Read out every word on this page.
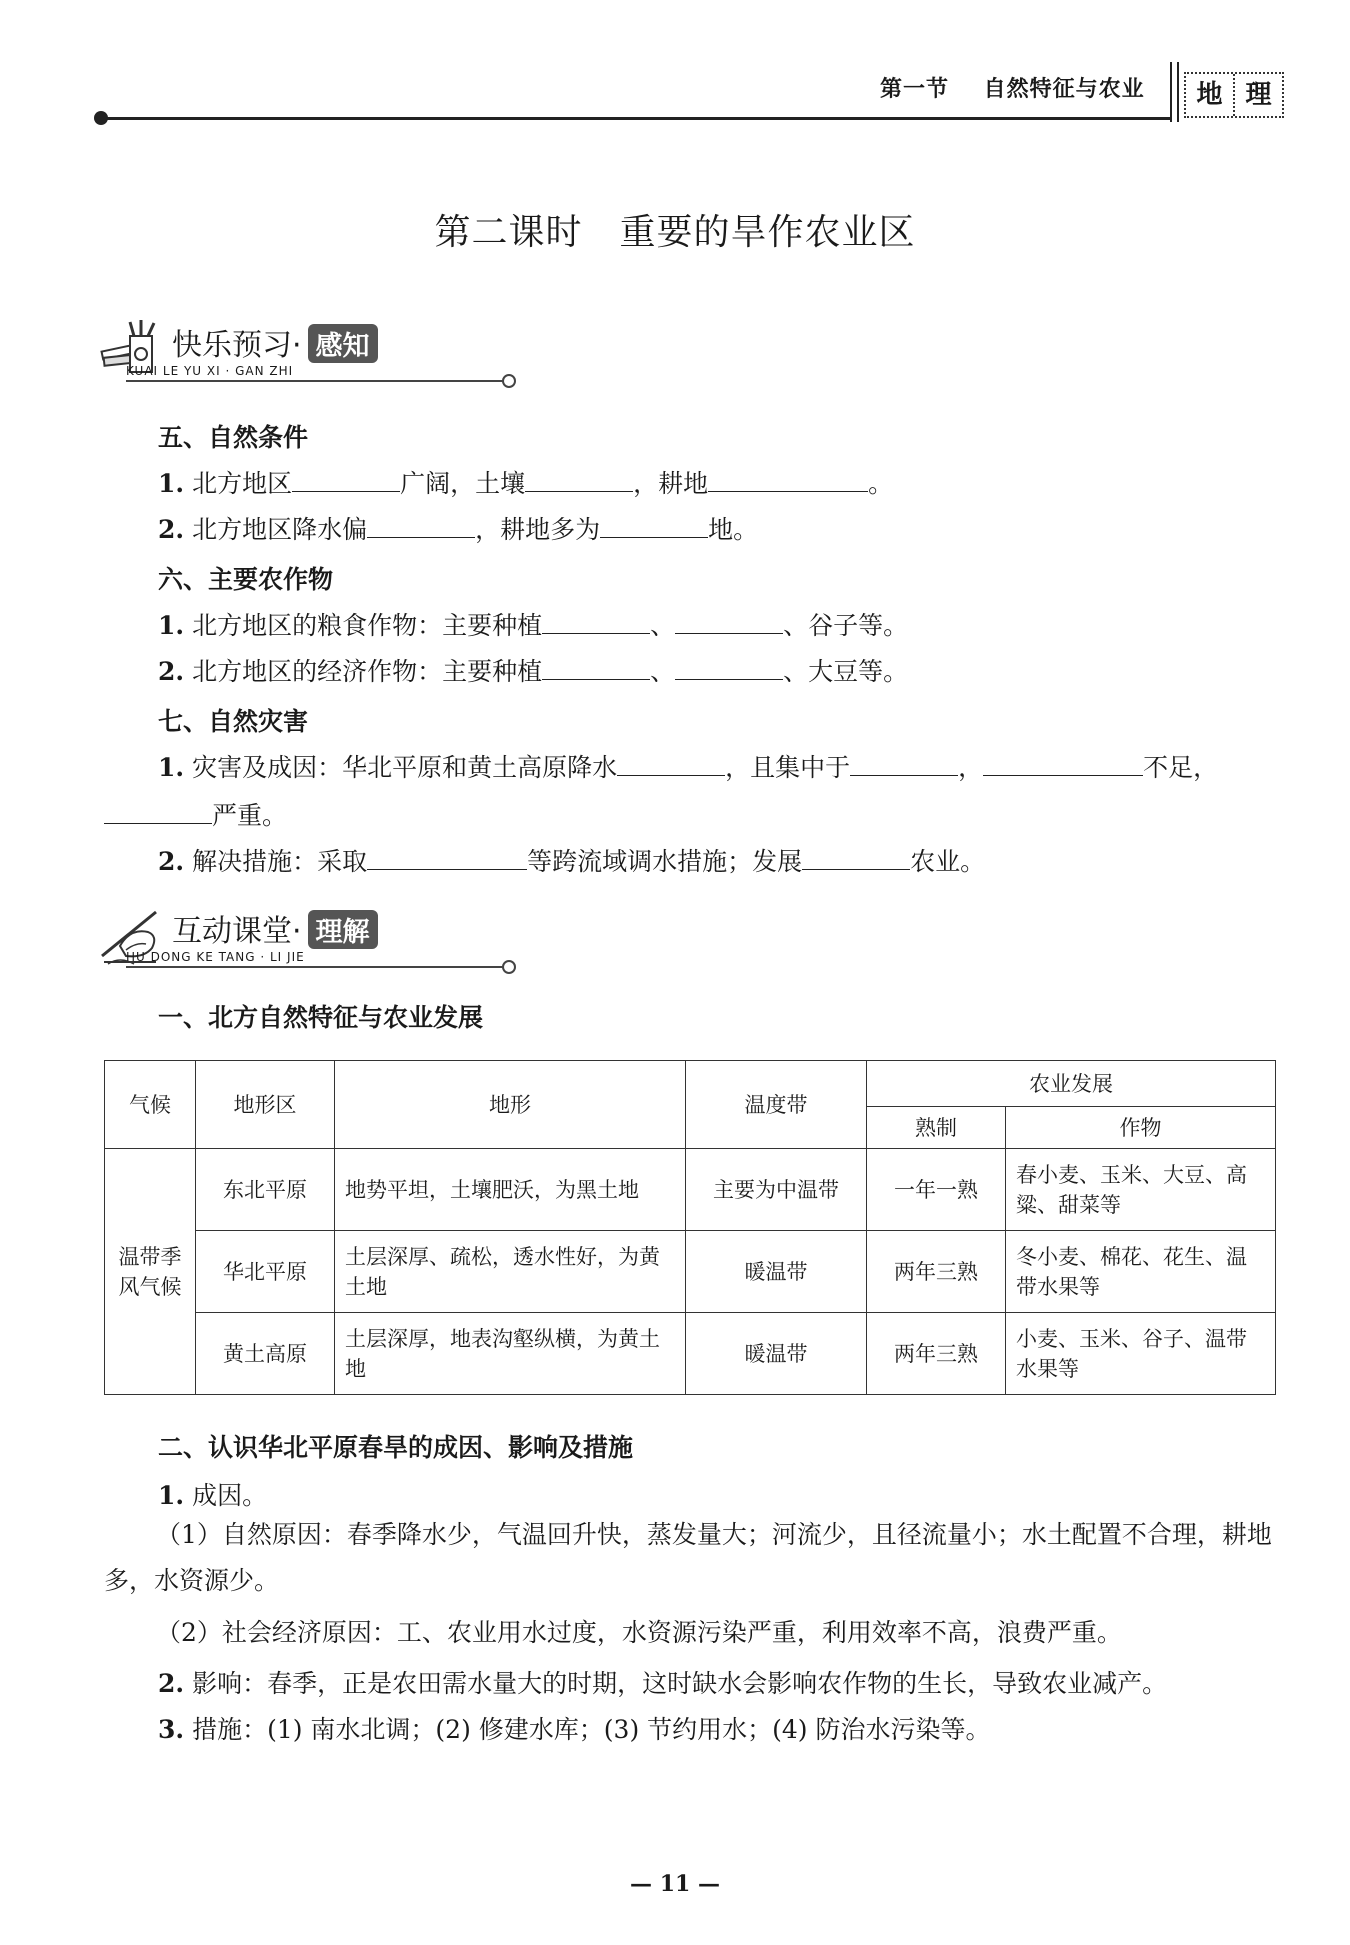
第一节 自然特征与农业	地 理
第二课时　重要的旱作农业区
快乐预习· 感知
KUAI LE YU XI · GAN ZHI
五、自然条件
1. 北方地区	广阔，土壤	，耕地	。
2. 北方地区降水偏	，耕地多为	地。
六、主要农作物
1. 北方地区的粮食作物：主要种植	、	、谷子等。
2. 北方地区的经济作物：主要种植	、	、大豆等。
七、自然灾害
1. 灾害及成因：华北平原和黄土高原降水	，且集中于	，	不足，
严重。
2. 解决措施：采取	等跨流域调水措施；发展	农业。
互动课堂· 理解
HU DONG KE TANG · LI JIE
一、北方自然特征与农业发展
气候	地形区	地形	温度带	农业发展	
				熟制	作物
温带季风气候	东北平原	地势平坦，土壤肥沃，为黑土地	主要为中温带	一年一熟	春小麦、玉米、大豆、高粱、甜菜等
	华北平原	土层深厚、疏松，透水性好，为黄土地	暖温带	两年三熟	冬小麦、棉花、花生、温带水果等
	黄土高原	土层深厚，地表沟壑纵横，为黄土地	暖温带	两年三熟	小麦、玉米、谷子、温带水果等
二、认识华北平原春旱的成因、影响及措施
1. 成因。
（1）自然原因：春季降水少，气温回升快，蒸发量大；河流少，且径流量小；水土配置不合理，耕地多，水资源少。
（2）社会经济原因：工、农业用水过度，水资源污染严重，利用效率不高，浪费严重。
2. 影响：春季，正是农田需水量大的时期，这时缺水会影响农作物的生长，导致农业减产。
3. 措施：(1) 南水北调；(2) 修建水库；(3) 节约用水；(4) 防治水污染等。
— 11 —
